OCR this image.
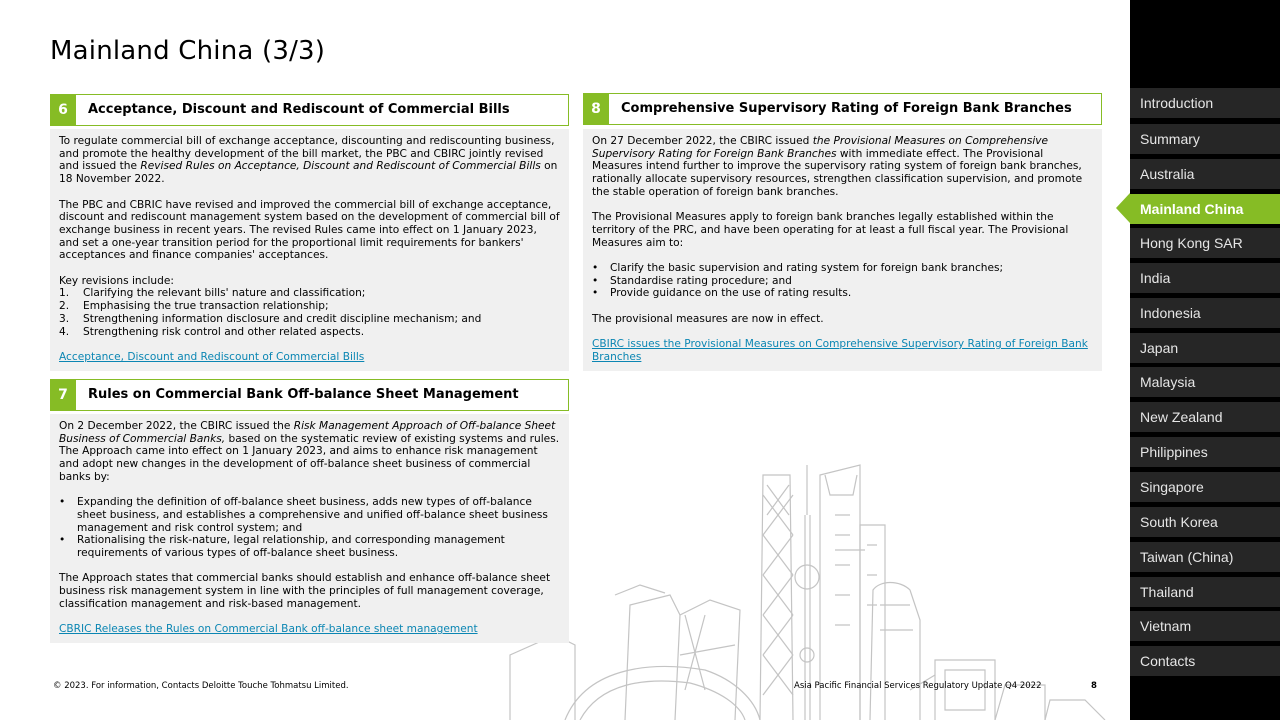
Mainland China (3/3)
6	Acceptance, Discount and Rediscount of Commercial Bills

To regulate commercial bill of exchange acceptance, discounting and rediscounting business, and promote the healthy development of the bill market, the PBC and CBIRC jointly revised and issued the Revised Rules on Acceptance, Discount and Rediscount of Commercial Bills on 18 November 2022.

The PBC and CBRIC have revised and improved the commercial bill of exchange acceptance, discount and rediscount management system based on the development of commercial bill of exchange business in recent years. The revised Rules came into effect on 1 January 2023, and set a one-year transition period for the proportional limit requirements for bankers' acceptances and finance companies' acceptances.

Key revisions include:

1. Clarifying the relevant bills' nature and classification;
2. Emphasising the true transaction relationship;
3. Strengthening information disclosure and credit discipline mechanism; and
4. Strengthening risk control and other related aspects.
Acceptance, Discount and Rediscount of Commercial Bills
7	Rules on Commercial Bank Off-balance Sheet Management

On 2 December 2022, the CBIRC issued the Risk Management Approach of Off-balance Sheet Business of Commercial Banks, based on the systematic review of existing systems and rules. The Approach came into effect on 1 January 2023, and aims to enhance risk management and adopt new changes in the development of off-balance sheet business of commercial banks by:

• Expanding the definition of off-balance sheet business, adds new types of off-balance sheet business, and establishes a comprehensive and unified off-balance sheet business management and risk control system; and
• Rationalising the risk-nature, legal relationship, and corresponding management requirements of various types of off-balance sheet business.

The Approach states that commercial banks should establish and enhance off-balance sheet business risk management system in line with the principles of full management coverage, classification management and risk-based management.

CBRIC Releases the Rules on Commercial Bank off-balance sheet management
8	Comprehensive Supervisory Rating of Foreign Bank Branches

On 27 December 2022, the CBIRC issued the Provisional Measures on Comprehensive Supervisory Rating for Foreign Bank Branches with immediate effect. The Provisional Measures intend further to improve the supervisory rating system of foreign bank branches, rationally allocate supervisory resources, strengthen classification supervision, and promote the stable operation of foreign bank branches.

The Provisional Measures apply to foreign bank branches legally established within the territory of the PRC, and have been operating for at least a full fiscal year. The Provisional Measures aim to:

• Clarify the basic supervision and rating system for foreign bank branches;
• Standardise rating procedure; and
• Provide guidance on the use of rating results.

The provisional measures are now in effect.

CBIRC issues the Provisional Measures on Comprehensive Supervisory Rating of Foreign Bank Branches
© 2023. For information, Contacts Deloitte Touche Tohmatsu Limited.	Asia Pacific Financial Services Regulatory Update Q4 2022	8
Introduction
Summary
Australia
Mainland China
Hong Kong SAR
India
Indonesia
Japan
Malaysia
New Zealand
Philippines
Singapore
South Korea
Taiwan (China)
Thailand
Vietnam
Contacts
